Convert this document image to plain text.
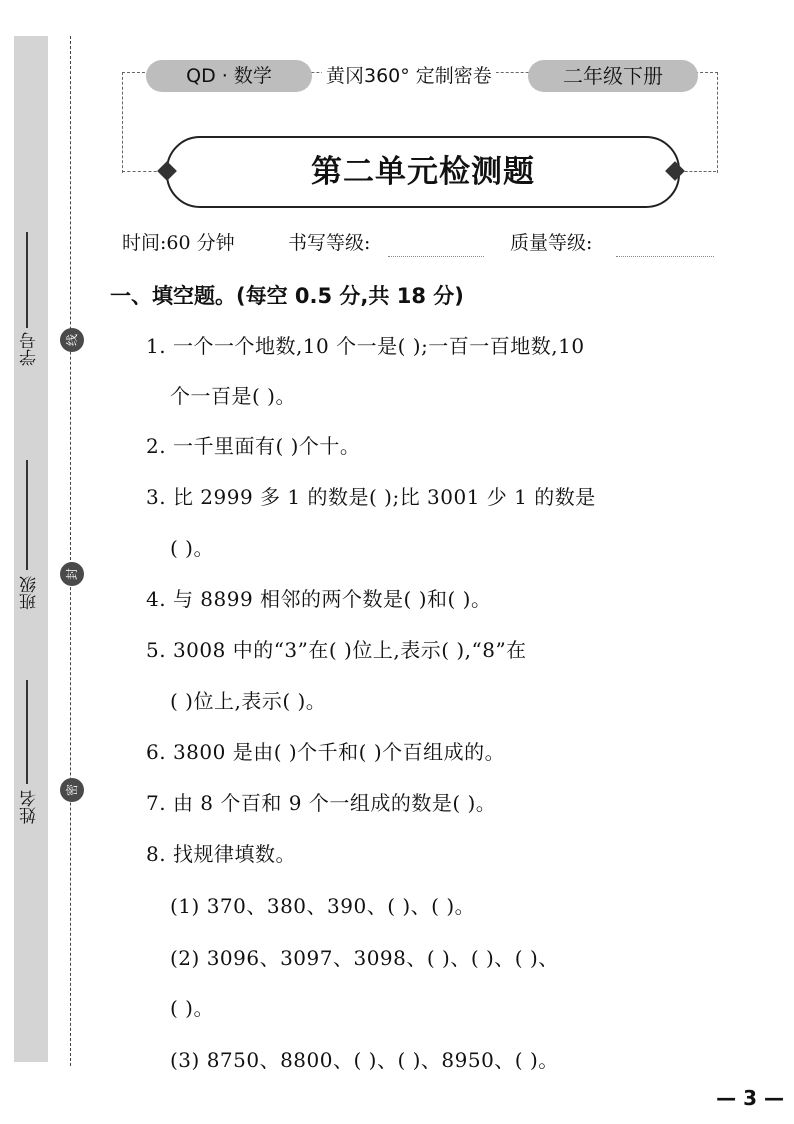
学号
班级
姓名
线
封
密
QD · 数学	黄冈360° 定制密卷	二年级下册
第二单元检测题
时间:60 分钟	书写等级:	质量等级:
一、填空题。(每空 0.5 分,共 18 分)
1. 一个一个地数,10 个一是( );一百一百地数,10
个一百是( )。
2. 一千里面有( )个十。
3. 比 2999 多 1 的数是( );比 3001 少 1 的数是
( )。
4. 与 8899 相邻的两个数是( )和( )。
5. 3008 中的“3”在( )位上,表示( ),“8”在
( )位上,表示( )。
6. 3800 是由( )个千和( )个百组成的。
7. 由 8 个百和 9 个一组成的数是( )。
8. 找规律填数。
(1) 370、380、390、( )、( )。
(2) 3096、3097、3098、( )、( )、( )、
( )。
(3) 8750、8800、( )、( )、8950、( )。
— 3 —
